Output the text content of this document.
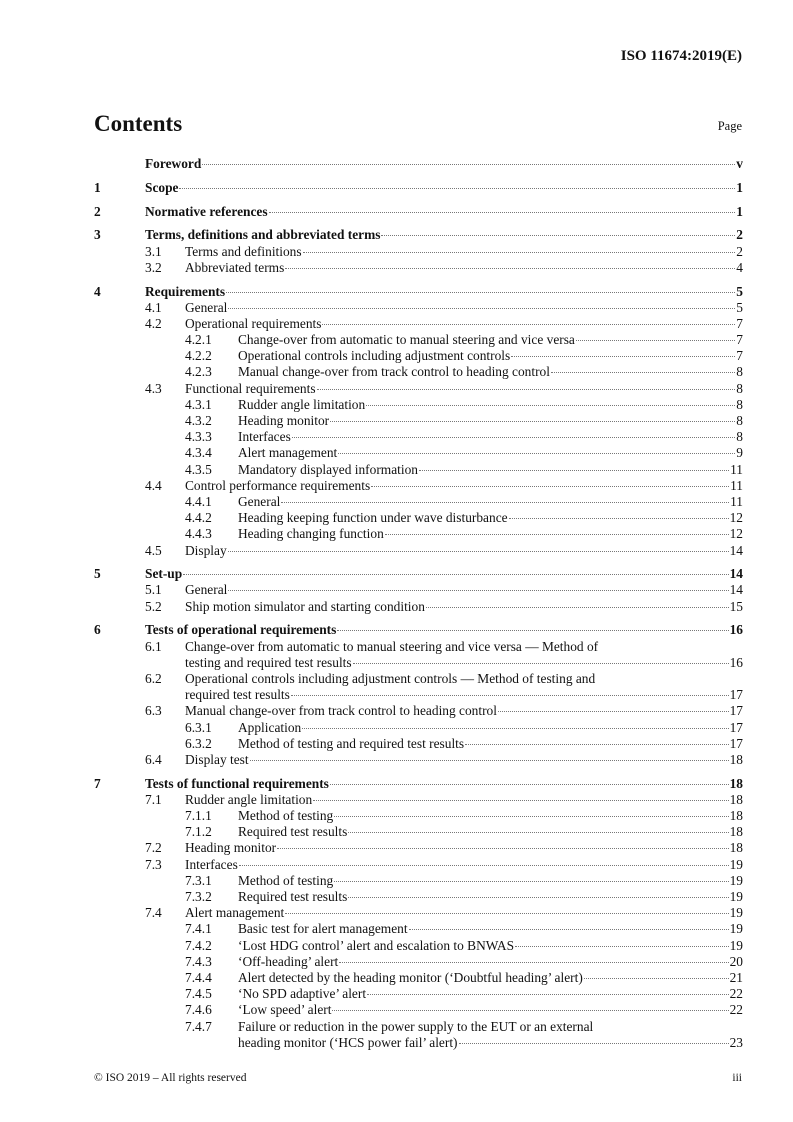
ISO 11674:2019(E)
Contents	Page
Foreword	v
1	Scope	1
2	Normative references	1
3	Terms, definitions and abbreviated terms	2
3.1	Terms and definitions	2
3.2	Abbreviated terms	4
4	Requirements	5
4.1	General	5
4.2	Operational requirements	7
4.2.1	Change-over from automatic to manual steering and vice versa	7
4.2.2	Operational controls including adjustment controls	7
4.2.3	Manual change-over from track control to heading control	8
4.3	Functional requirements	8
4.3.1	Rudder angle limitation	8
4.3.2	Heading monitor	8
4.3.3	Interfaces	8
4.3.4	Alert management	9
4.3.5	Mandatory displayed information	11
4.4	Control performance requirements	11
4.4.1	General	11
4.4.2	Heading keeping function under wave disturbance	12
4.4.3	Heading changing function	12
4.5	Display	14
5	Set-up	14
5.1	General	14
5.2	Ship motion simulator and starting condition	15
6	Tests of operational requirements	16
6.1	Change-over from automatic to manual steering and vice versa — Method of
testing and required test results	16
6.2	Operational controls including adjustment controls — Method of testing and
required test results	17
6.3	Manual change-over from track control to heading control	17
6.3.1	Application	17
6.3.2	Method of testing and required test results	17
6.4	Display test	18
7	Tests of functional requirements	18
7.1	Rudder angle limitation	18
7.1.1	Method of testing	18
7.1.2	Required test results	18
7.2	Heading monitor	18
7.3	Interfaces	19
7.3.1	Method of testing	19
7.3.2	Required test results	19
7.4	Alert management	19
7.4.1	Basic test for alert management	19
7.4.2	‘Lost HDG control’ alert and escalation to BNWAS	19
7.4.3	‘Off-heading’ alert	20
7.4.4	Alert detected by the heading monitor (‘Doubtful heading’ alert)	21
7.4.5	‘No SPD adaptive’ alert	22
7.4.6	‘Low speed’ alert	22
7.4.7	Failure or reduction in the power supply to the EUT or an external
heading monitor (‘HCS power fail’ alert)	23
© ISO 2019 – All rights reserved	iii
